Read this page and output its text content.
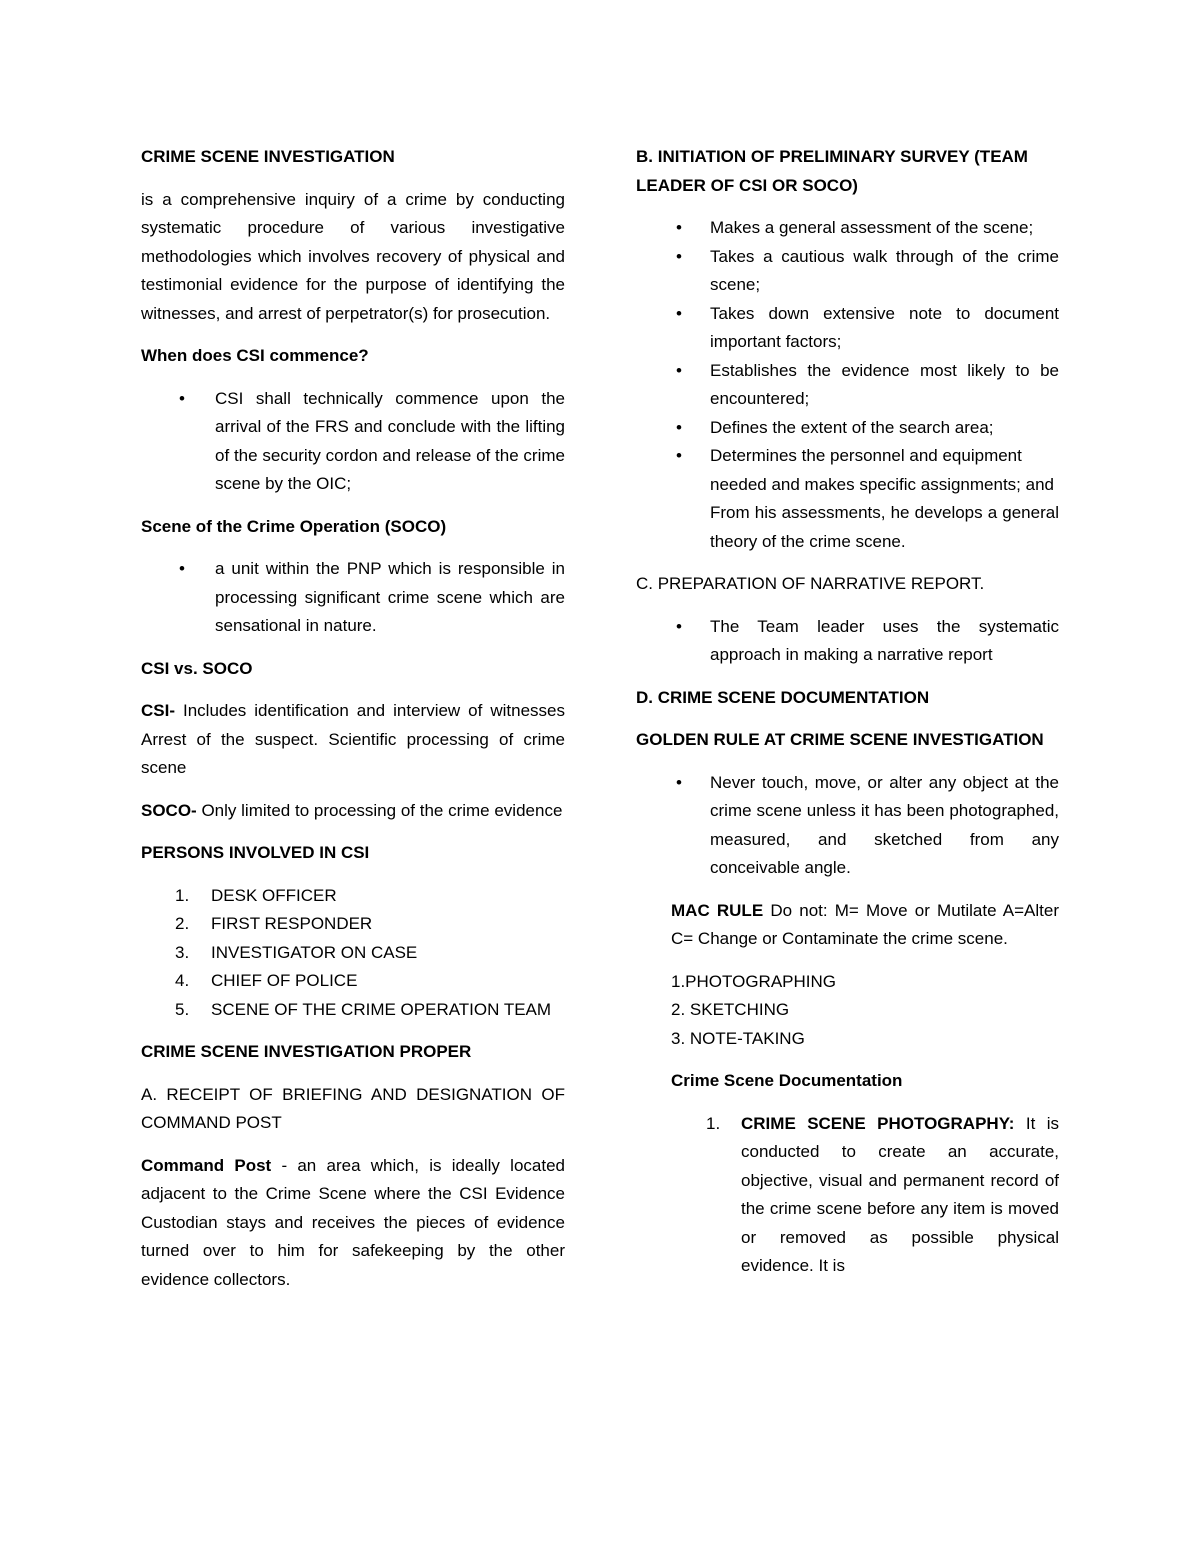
CRIME SCENE INVESTIGATION

is a comprehensive inquiry of a crime by conducting systematic procedure of various investigative methodologies which involves recovery of physical and testimonial evidence for the purpose of identifying the witnesses, and arrest of perpetrator(s) for prosecution.

When does CSI commence?

• CSI shall technically commence upon the arrival of the FRS and conclude with the lifting of the security cordon and release of the crime scene by the OIC;

Scene of the Crime Operation (SOCO)

• a unit within the PNP which is responsible in processing significant crime scene which are sensational in nature.

CSI vs. SOCO

CSI- Includes identification and interview of witnesses Arrest of the suspect. Scientific processing of crime scene

SOCO- Only limited to processing of the crime evidence

PERSONS INVOLVED IN CSI

1. DESK OFFICER
2. FIRST RESPONDER
3. INVESTIGATOR ON CASE
4. CHIEF OF POLICE
5. SCENE OF THE CRIME OPERATION TEAM

CRIME SCENE INVESTIGATION PROPER

A. RECEIPT OF BRIEFING AND DESIGNATION OF COMMAND POST

Command Post - an area which, is ideally located adjacent to the Crime Scene where the CSI Evidence Custodian stays and receives the pieces of evidence turned over to him for safekeeping by the other evidence collectors.

B. INITIATION OF PRELIMINARY SURVEY (TEAM LEADER OF CSI OR SOCO)

• Makes a general assessment of the scene;

• Takes a cautious walk through of the crime scene;

• Takes down extensive note to document important factors;

• Establishes the evidence most likely to be encountered;

• Defines the extent of the search area;

• Determines the personnel and equipment needed and makes specific assignments; and

From his assessments, he develops a general theory of the crime scene.

C. PREPARATION OF NARRATIVE REPORT.

• The Team leader uses the systematic approach in making a narrative report

D. CRIME SCENE DOCUMENTATION

GOLDEN RULE AT CRIME SCENE INVESTIGATION

• Never touch, move, or alter any object at the crime scene unless it has been photographed, measured, and sketched from any conceivable angle.

MAC RULE Do not: M= Move or Mutilate A=Alter C= Change or Contaminate the crime scene.

1.PHOTOGRAPHING

2. SKETCHING

3. NOTE-TAKING

Crime Scene Documentation

1. CRIME SCENE PHOTOGRAPHY: It is conducted to create an accurate, objective, visual and permanent record of the crime scene before any item is moved or removed as possible physical evidence. It is
